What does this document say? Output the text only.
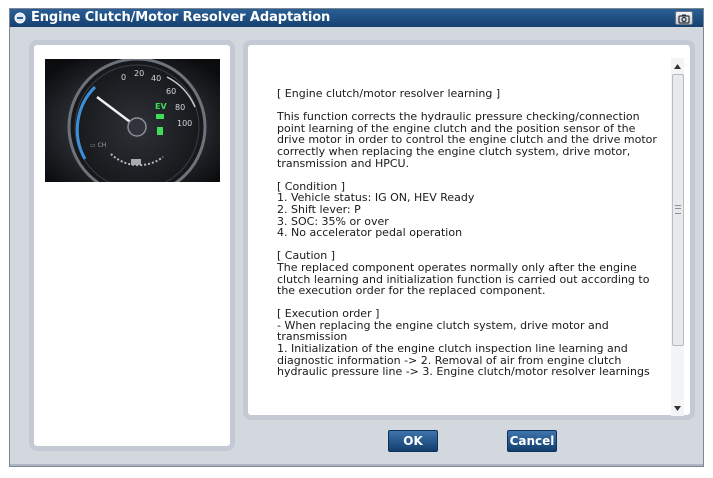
Engine Clutch/Motor Resolver Adaptation
0 20
40
60
80
100
EV
▭ CH

[ Engine clutch/motor resolver learning ]

This function corrects the hydraulic pressure checking/connection point learning of the engine clutch and the position sensor of the drive motor in order to control the engine clutch and the drive motor correctly when replacing the engine clutch system, drive motor, transmission and HPCU.

[ Condition ]

1. Vehicle status: IG ON, HEV Ready

2. Shift lever: P

3. SOC: 35% or over

4. No accelerator pedal operation

[ Caution ]

The replaced component operates normally only after the engine clutch learning and initialization function is carried out according to the execution order for the replaced component.

[ Execution order ]

- When replacing the engine clutch system, drive motor and transmission

1. Initialization of the engine clutch inspection line learning and diagnostic information -> 2. Removal of air from engine clutch hydraulic pressure line -> 3. Engine clutch/motor resolver learnings

OK	Cancel
